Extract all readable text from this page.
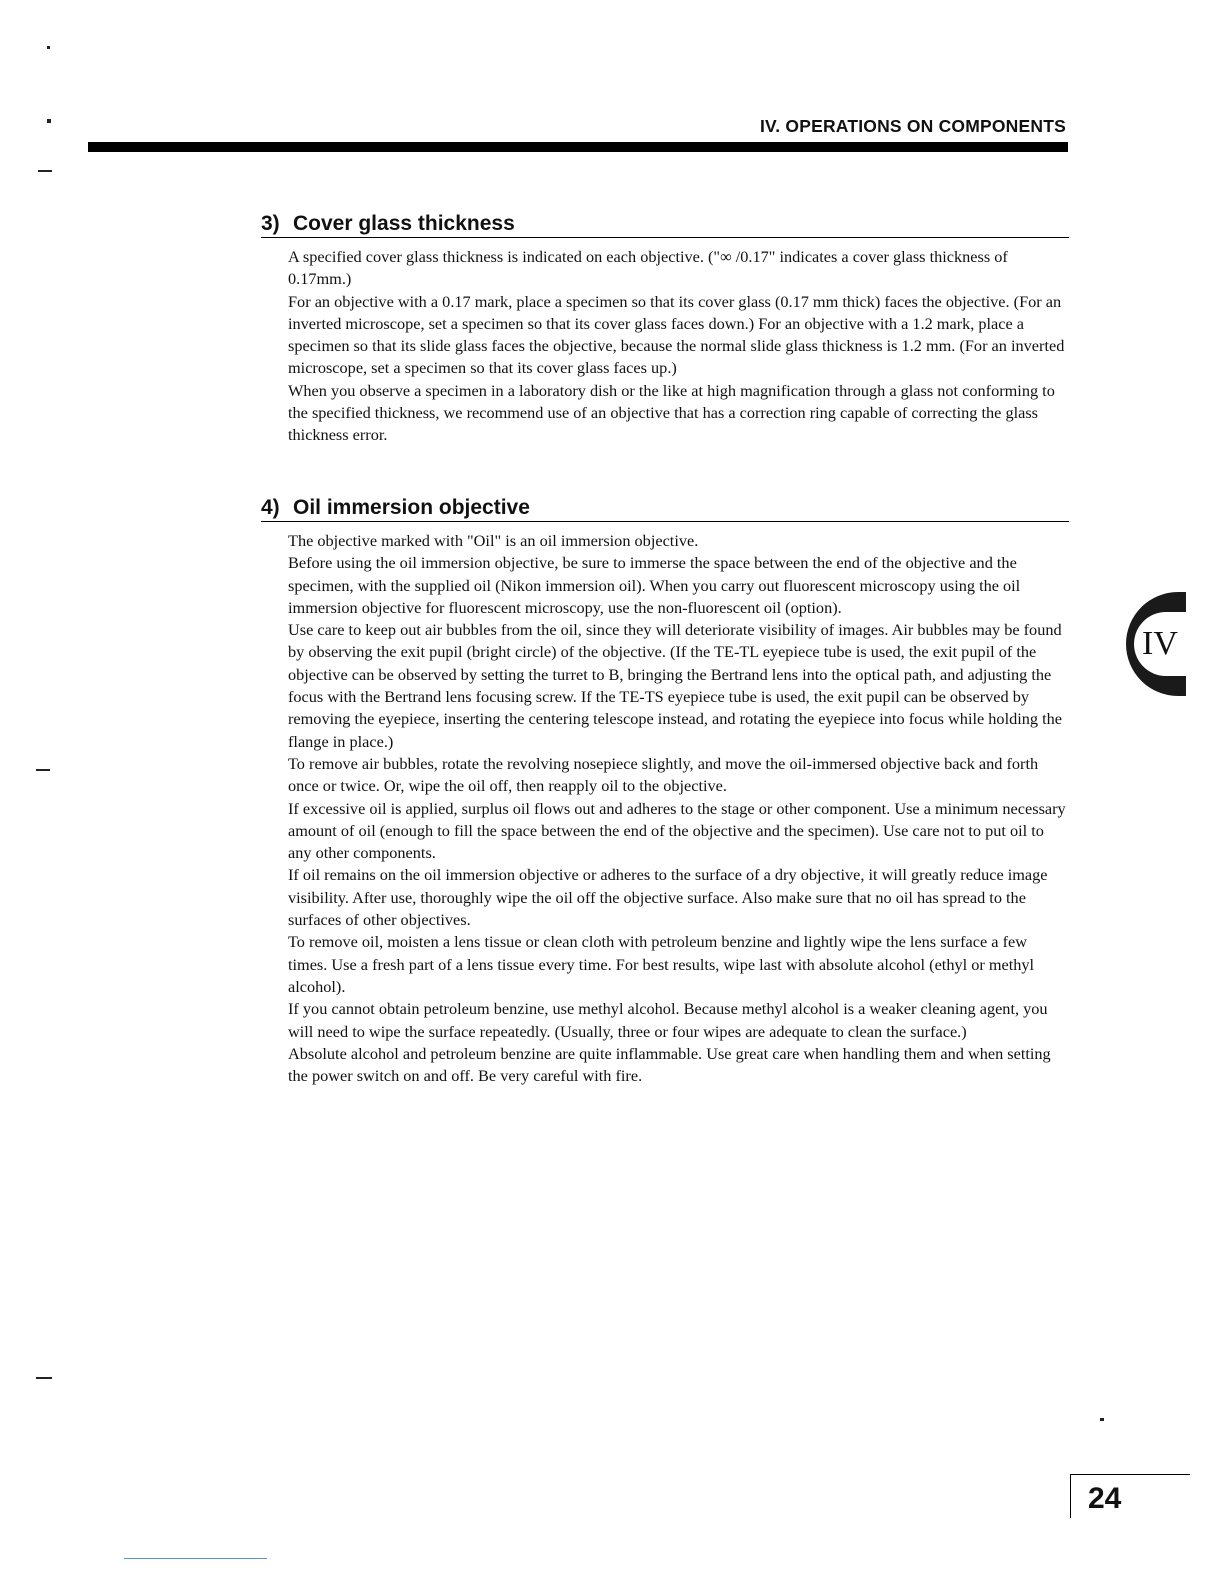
IV. OPERATIONS ON COMPONENTS
3) Cover glass thickness

A specified cover glass thickness is indicated on each objective. ("∞ /0.17" indicates a cover glass thickness of 0.17mm.)

For an objective with a 0.17 mark, place a specimen so that its cover glass (0.17 mm thick) faces the objective. (For an inverted microscope, set a specimen so that its cover glass faces down.) For an objective with a 1.2 mark, place a specimen so that its slide glass faces the objective, because the normal slide glass thickness is 1.2 mm. (For an inverted microscope, set a specimen so that its cover glass faces up.)

When you observe a specimen in a laboratory dish or the like at high magnification through a glass not conforming to the specified thickness, we recommend use of an objective that has a correction ring capable of correcting the glass thickness error.

4) Oil immersion objective

The objective marked with "Oil" is an oil immersion objective.

Before using the oil immersion objective, be sure to immerse the space between the end of the objective and the specimen, with the supplied oil (Nikon immersion oil). When you carry out fluorescent microscopy using the oil immersion objective for fluorescent microscopy, use the non-fluorescent oil (option).

Use care to keep out air bubbles from the oil, since they will deteriorate visibility of images. Air bubbles may be found by observing the exit pupil (bright circle) of the objective. (If the TE-TL eyepiece tube is used, the exit pupil of the objective can be observed by setting the turret to B, bringing the Bertrand lens into the optical path, and adjusting the focus with the Bertrand lens focusing screw. If the TE-TS eyepiece tube is used, the exit pupil can be observed by removing the eyepiece, inserting the centering telescope instead, and rotating the eyepiece into focus while holding the flange in place.)

To remove air bubbles, rotate the revolving nosepiece slightly, and move the oil-immersed objective back and forth once or twice. Or, wipe the oil off, then reapply oil to the objective.

If excessive oil is applied, surplus oil flows out and adheres to the stage or other component. Use a minimum necessary amount of oil (enough to fill the space between the end of the objective and the specimen). Use care not to put oil to any other components.

If oil remains on the oil immersion objective or adheres to the surface of a dry objective, it will greatly reduce image visibility. After use, thoroughly wipe the oil off the objective surface. Also make sure that no oil has spread to the surfaces of other objectives.

To remove oil, moisten a lens tissue or clean cloth with petroleum benzine and lightly wipe the lens surface a few times. Use a fresh part of a lens tissue every time. For best results, wipe last with absolute alcohol (ethyl or methyl alcohol).

If you cannot obtain petroleum benzine, use methyl alcohol. Because methyl alcohol is a weaker cleaning agent, you will need to wipe the surface repeatedly. (Usually, three or four wipes are adequate to clean the surface.)

Absolute alcohol and petroleum benzine are quite inflammable. Use great care when handling them and when setting the power switch on and off. Be very careful with fire.

IV
24
